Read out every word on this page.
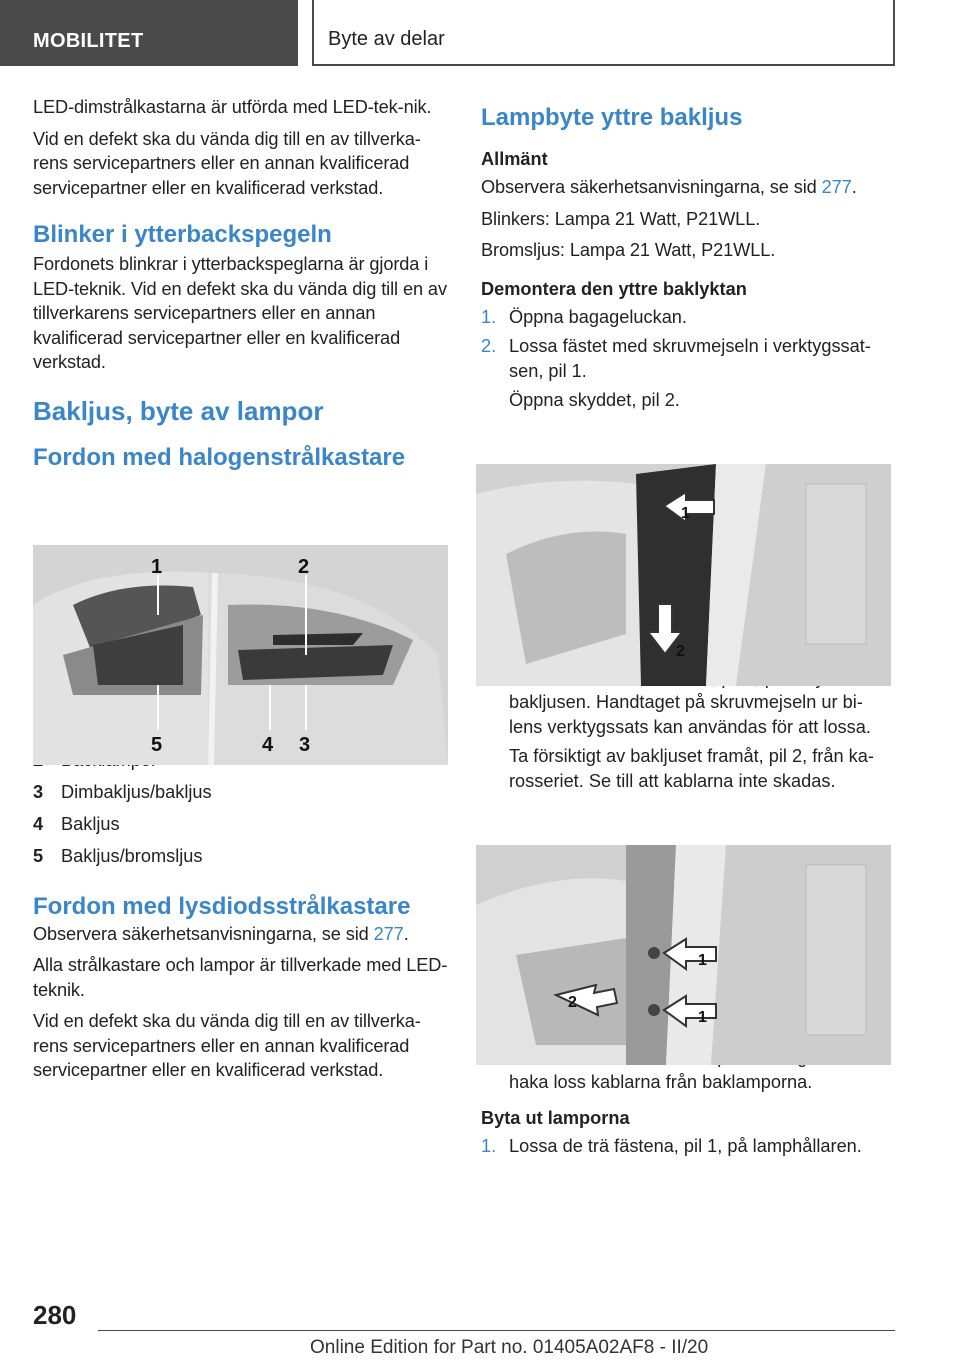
MOBILITET	Byte av delar

LED-dimstrålkastarna är utförda med LED-tek‐nik.

Vid en defekt ska du vända dig till en av tillverka‐rens servicepartners eller en annan kvalificerad servicepartner eller en kvalificerad verkstad.

Blinker i ytterbackspegeln

Fordonets blinkrar i ytterbackspeglarna är gjorda i LED-teknik. Vid en defekt ska du vända dig till en av tillverkarens servicepartners eller en annan kvalificerad servicepartner eller en kvalificerad verkstad.

Bakljus, byte av lampor
Fordon med halogenstrålkastare
3 Dimbakljus/bakljus
4 Bakljus
5 Bakljus/bromsljus
Fordon med lysdiodsstrålkastare

Observera säkerhetsanvisningarna, se sid 277.

Alla strålkastare och lampor är tillverkade med LED-teknik.

Vid en defekt ska du vända dig till en av tillverka‐rens servicepartners eller en annan kvalificerad servicepartner eller en kvalificerad verkstad.

1	2
3
4
5
Lampbyte yttre bakljus
Allmänt

Observera säkerhetsanvisningarna, se sid 277.

Blinkers: Lampa 21 Watt, P21WLL.

Bromsljus: Lampa 21 Watt, P21WLL.

Demontera den yttre baklyktan
1. Öppna bagageluckan.
2. Lossa fästet med skruvmejseln i verktygssat‐sen, pil 1.
Öppna skyddet, pil 2.
bakljusen. Handtaget på skruvmejseln ur bi‐lens verktygssats kan användas för att lossa.
Ta försiktigt av bakljuset framåt, pil 2, från ka‐rosseriet. Se till att kablarna inte skadas.
haka loss kablarna från baklamporna.
Byta ut lamporna
1. Lossa de trä fästena, pil 1, på lamphållaren.
1
2
1
2
1
280
Online Edition for Part no. 01405A02AF8 - II/20
